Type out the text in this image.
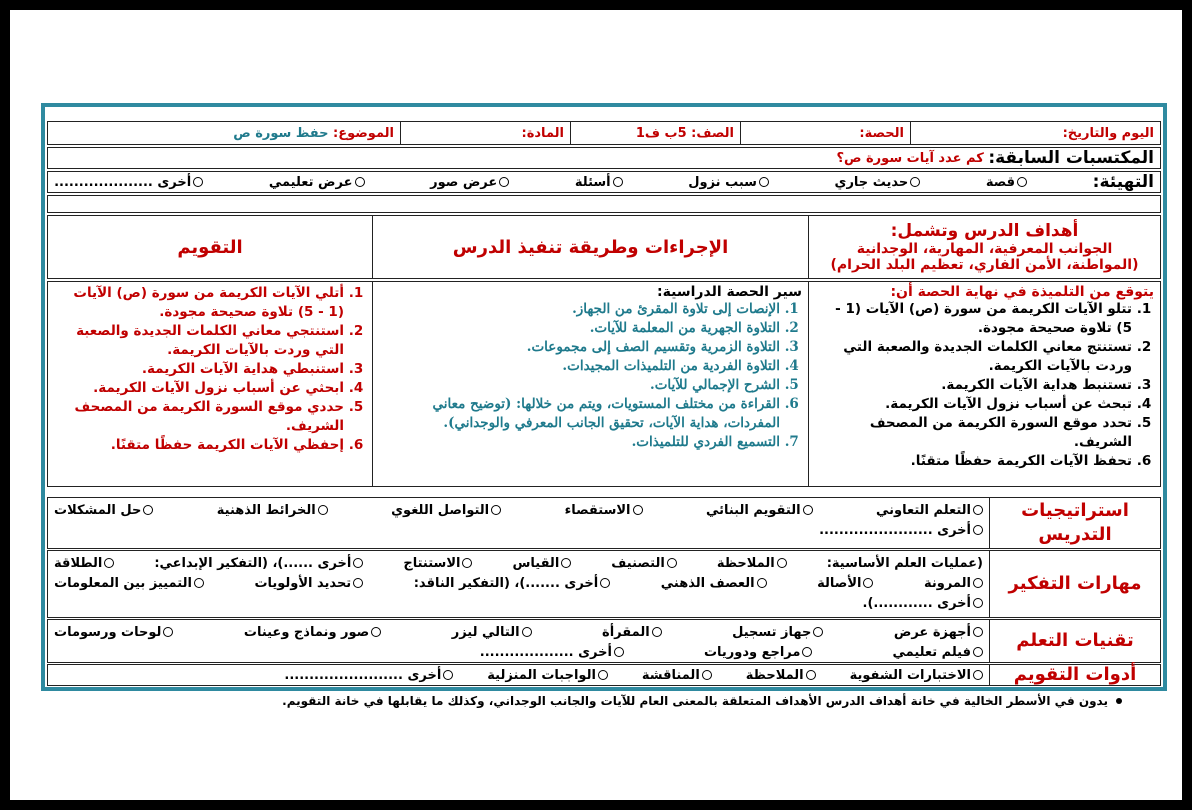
اليوم والتاريخ:
الحصة:
الصف: 5ب ف1
المادة:
الموضوع:

حفظ سورة ص
المكتسبات السابقة:

كم عدد آيات سورة ص؟
التهيئة:
قصة
حديث جاري
سبب نزول
أسئلة
عرض صور
عرض تعليمي
أخرى ....................
أهداف الدرس وتشمل:
الجوانب المعرفية، المهارية، الوجدانية
(المواطنة، الأمن الفاري، تعظيم البلد الحرام)
الإجراءات وطريقة تنفيذ الدرس
التقويم
يتوقع من التلميذة في نهاية الحصة أن:
1. تتلو الآيات الكريمة من سورة (ص) الآيات (1 - 5) تلاوة صحيحة مجودة.
2. تستنتج معاني الكلمات الجديدة والصعبة التي وردت بالآيات الكريمة.
3. تستنبط هداية الآيات الكريمة.
4. تبحث عن أسباب نزول الآيات الكريمة.
5. تحدد موقع السورة الكريمة من المصحف الشريف.
6. تحفظ الآيات الكريمة حفظًا متقنًا.
سير الحصة الدراسية:
1. الإنصات إلى تلاوة المقرئ من الجهاز.
2. التلاوة الجهرية من المعلمة للآيات.
3. التلاوة الزمرية وتقسيم الصف إلى مجموعات.
4. التلاوة الفردية من التلميذات المجيدات.
5. الشرح الإجمالي للآيات.
6. القراءة من مختلف المستويات، ويتم من خلالها: (توضيح معاني المفردات، هداية الآيات، تحقيق الجانب المعرفي والوجداني).
7. التسميع الفردي للتلميذات.
1. أتلي الآيات الكريمة من سورة (ص) الآيات (1 - 5) تلاوة صحيحة مجودة.
2. استنتجي معاني الكلمات الجديدة والصعبة التي وردت بالآيات الكريمة.
3. استنبطي هداية الآيات الكريمة.
4. ابحثي عن أسباب نزول الآيات الكريمة.
5. حددي موقع السورة الكريمة من المصحف الشريف.
6. إحفظي الآيات الكريمة حفظًا متقنًا.
استراتيجيات التدريس
التعلم التعاوني
التقويم البنائي
الاستقصاء
التواصل اللغوي
الخرائط الذهنية
حل المشكلات
أخرى .......................
مهارات التفكير
(عمليات العلم الأساسية:
الملاحظة
التصنيف
القياس
الاستنتاج
أخرى ......)، (التفكير الإبداعي:
الطلاقة
المرونة
الأصالة
العصف الذهني
أخرى .......)، (التفكير الناقد:
تحديد الأولويات
التمييز بين المعلومات
أخرى ............).
تقنيات التعلم
أجهزة عرض
جهاز تسجيل
المقرأة
التالي ليزر
صور ونماذج وعينات
لوحات ورسومات
فيلم تعليمي
مراجع ودوريات
أخرى ...................
أدوات التقويم
الاختبارات الشفوية
الملاحظة
المناقشة
الواجبات المنزلية
أخرى ........................
يدون في الأسطر الخالية في خانة أهداف الدرس الأهداف المتعلقة بالمعنى العام للآيات والجانب الوجداني، وكذلك ما يقابلها في خانة التقويم.
